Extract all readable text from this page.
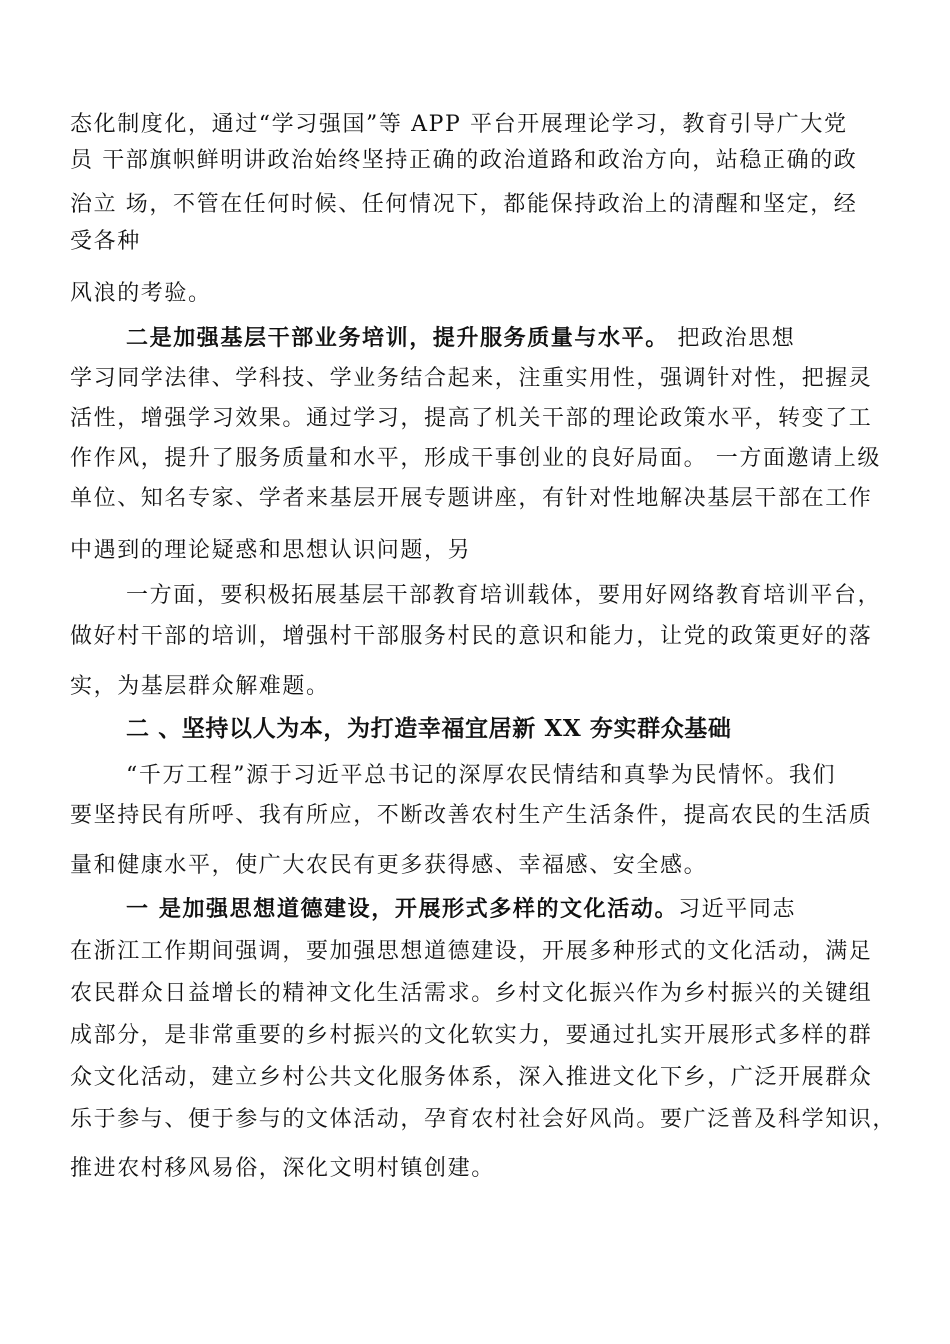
态化制度化，通过“学习强国”等 APP 平台开展理论学习，教育引导广大党
员 干部旗帜鲜明讲政治始终坚持正确的政治道路和政治方向，站稳正确的政
治立 场，不管在任何时候、任何情况下，都能保持政治上的清醒和坚定，经
受各种
风浪的考验。
二是加强基层干部业务培训，提升服务质量与水平。 把政治思想
学习同学法律、学科技、学业务结合起来，注重实用性，强调针对性，把握灵
活性，增强学习效果。通过学习，提高了机关干部的理论政策水平，转变了工
作作风，提升了服务质量和水平，形成干事创业的良好局面。 一方面邀请上级
单位、知名专家、学者来基层开展专题讲座，有针对性地解决基层干部在工作
中遇到的理论疑惑和思想认识问题，另
一方面，要积极拓展基层干部教育培训载体，要用好网络教育培训平台，
做好村干部的培训，增强村干部服务村民的意识和能力，让党的政策更好的落
实，为基层群众解难题。
二 、坚持以人为本，为打造幸福宜居新 XX 夯实群众基础
“千万工程”源于习近平总书记的深厚农民情结和真挚为民情怀。我们
要坚持民有所呼、我有所应，不断改善农村生产生活条件，提高农民的生活质
量和健康水平，使广大农民有更多获得感、幸福感、安全感。
一 是加强思想道德建设，开展形式多样的文化活动。习近平同志
在浙江工作期间强调，要加强思想道德建设，开展多种形式的文化活动，满足
农民群众日益增长的精神文化生活需求。乡村文化振兴作为乡村振兴的关键组
成部分，是非常重要的乡村振兴的文化软实力，要通过扎实开展形式多样的群
众文化活动，建立乡村公共文化服务体系，深入推进文化下乡，广泛开展群众
乐于参与、便于参与的文体活动，孕育农村社会好风尚。要广泛普及科学知识，
推进农村移风易俗，深化文明村镇创建。
